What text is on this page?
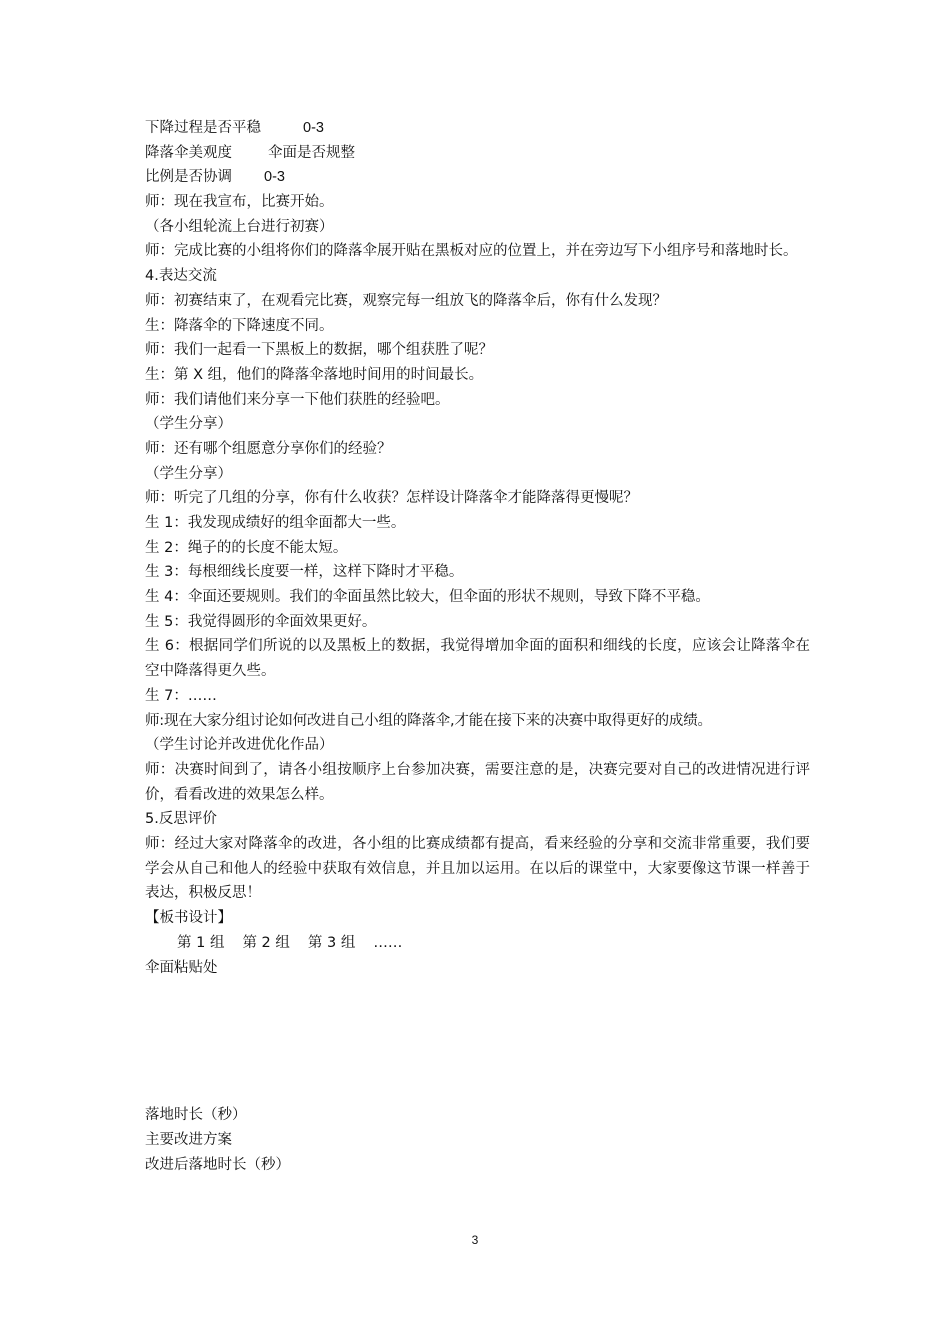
下降过程是否平稳	0-3
降落伞美观度 伞面是否规整
比例是否协调 0-3
师：现在我宣布，比赛开始。
（各小组轮流上台进行初赛）
师：完成比赛的小组将你们的降落伞展开贴在黑板对应的位置上，并在旁边写下小组序号和落地时长。
4.表达交流
师：初赛结束了，在观看完比赛，观察完每一组放飞的降落伞后，你有什么发现？
生：降落伞的下降速度不同。
师：我们一起看一下黑板上的数据，哪个组获胜了呢？
生：第 X 组，他们的降落伞落地时间用的时间最长。
师：我们请他们来分享一下他们获胜的经验吧。
（学生分享）
师：还有哪个组愿意分享你们的经验？
（学生分享）
师：听完了几组的分享，你有什么收获？怎样设计降落伞才能降落得更慢呢？
生 1：我发现成绩好的组伞面都大一些。
生 2：绳子的的长度不能太短。
生 3：每根细线长度要一样，这样下降时才平稳。
生 4：伞面还要规则。我们的伞面虽然比较大，但伞面的形状不规则，导致下降不平稳。
生 5：我觉得圆形的伞面效果更好。
生 6：根据同学们所说的以及黑板上的数据，我觉得增加伞面的面积和细线的长度，应该会让降落伞在空中降落得更久些。
生 7：……
师:现在大家分组讨论如何改进自己小组的降落伞,才能在接下来的决赛中取得更好的成绩。
（学生讨论并改进优化作品）
师：决赛时间到了，请各小组按顺序上台参加决赛，需要注意的是，决赛完要对自己的改进情况进行评价，看看改进的效果怎么样。
5.反思评价
师：经过大家对降落伞的改进，各小组的比赛成绩都有提高，看来经验的分享和交流非常重要，我们要学会从自己和他人的经验中获取有效信息，并且加以运用。在以后的课堂中，大家要像这节课一样善于表达，积极反思！
【板书设计】
第 1 组 第 2 组 第 3 组 ……
伞面粘贴处
落地时长（秒）
主要改进方案
改进后落地时长（秒）
3
